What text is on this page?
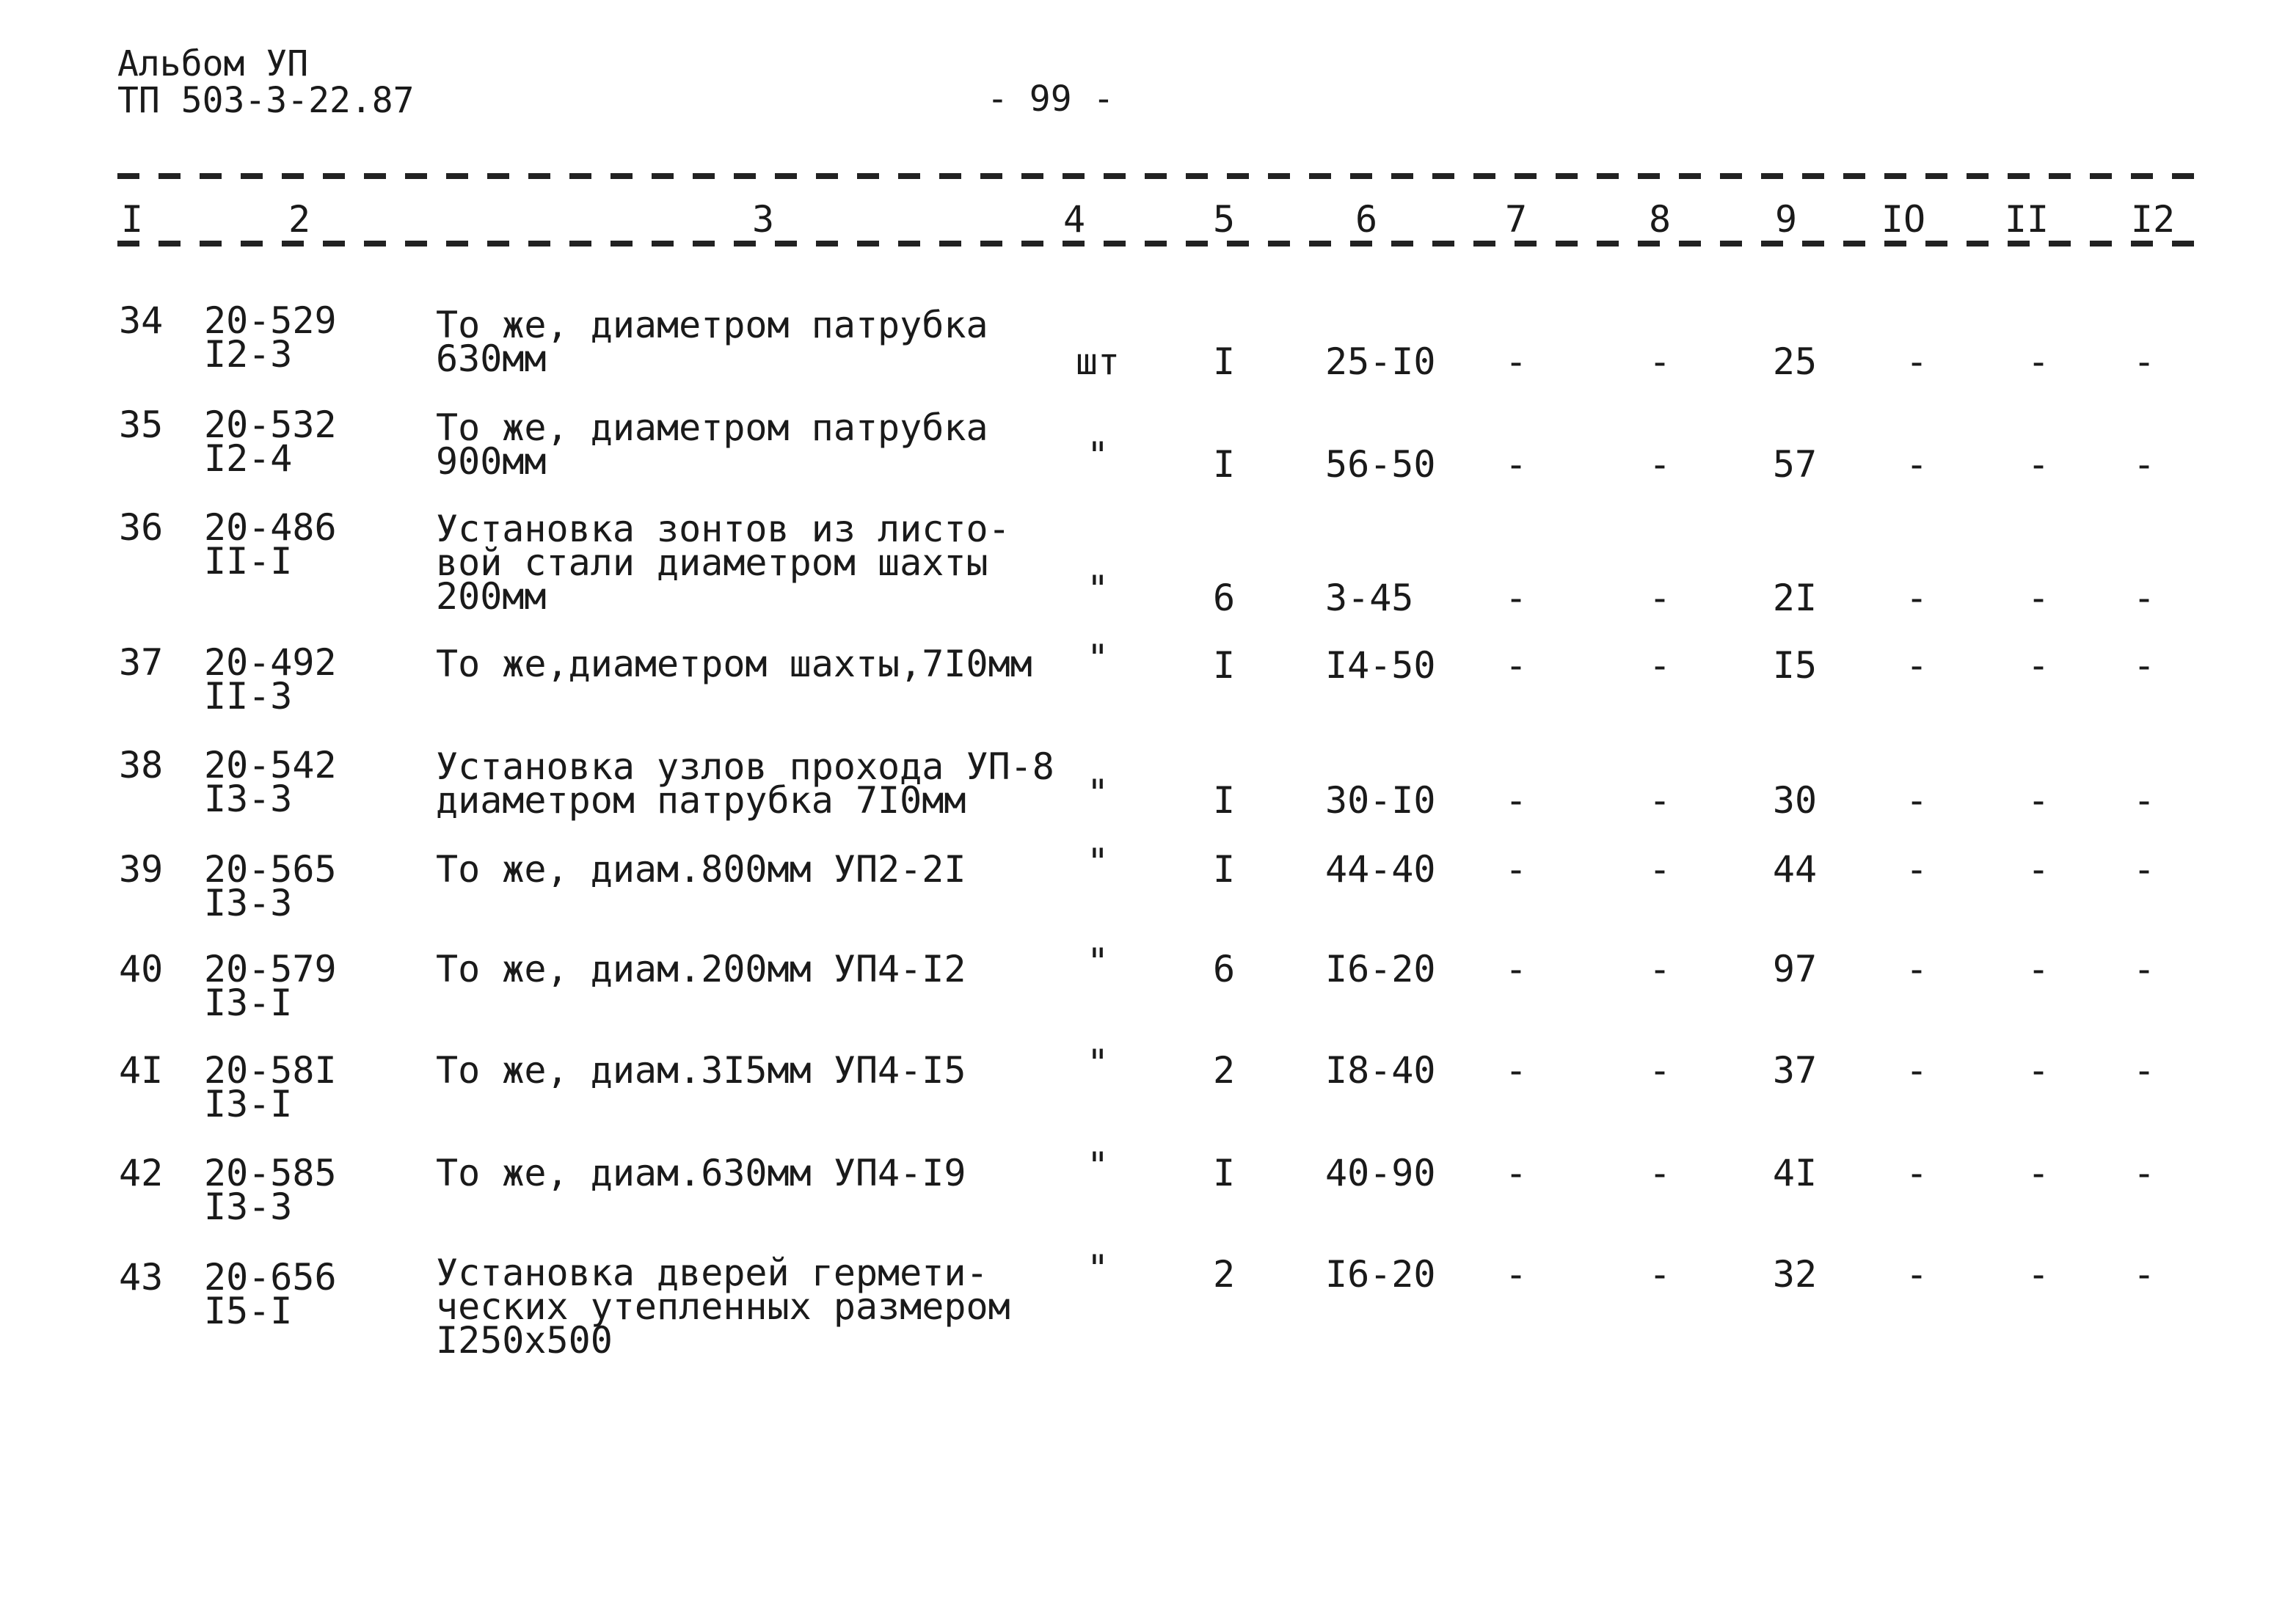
Альбом УП
ТП 503-3-22.87	- 99 -
I	2	3	4	5	6	7	8	9 IO II I2
34 20-529
I2-3
То же, диаметром патрубка
630мм	шт	I 25-I0 -	-	25 -	- -
35 20-532
I2-4
То же, диаметром патрубка
900мм	"	I 56-50 -	-	57 -	- -
36 20-486
II-I
Установка зонтов из листо-
вой стали диаметром шахты
200мм	"	6 3-45 -	-	2I -	- -
37 20-492
II-3
То же,диаметром шахты,7I0мм "	I I4-50 -	-	I5 -	- -
38 20-542
I3-3
Установка узлов прохода УП-8
диаметром патрубка 7I0мм	"	I 30-I0 -	-	30 -	- -
39 20-565
I3-3
То же, диам.800мм УП2-2I	"	I 44-40 -	-	44 -	- -
40 20-579
I3-I
То же, диам.200мм УП4-I2	"	6 I6-20 -	-	97 -	- -
4I 20-58I
I3-I
То же, диам.3I5мм УП4-I5	"	2 I8-40 -	-	37 -	- -
42 20-585
I3-3
То же, диам.630мм УП4-I9	"	I 40-90 -	-	4I -	- -
43 20-656
I5-I
Установка дверей гермети-
ческих утепленных размером
I250x500
"	2 I6-20 -	-	32 -	- -
